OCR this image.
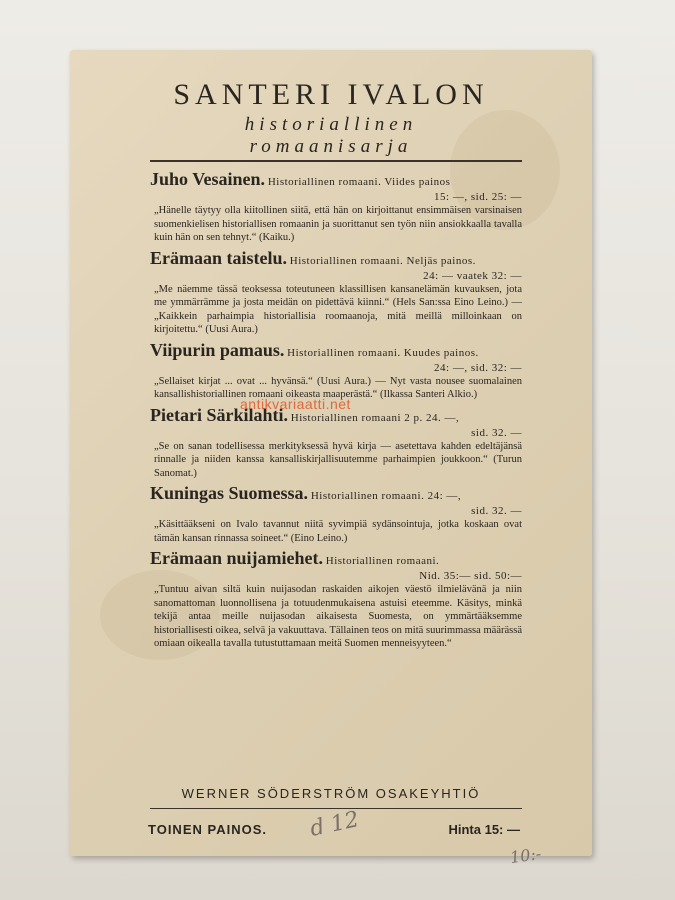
SANTERI IVALON
historiallinen
romaanisarja
Juho Vesainen. Historiallinen romaani. Viides painos
15: —, sid. 25: —
„Hänelle täytyy olla kiitollinen siitä, että hän on kirjoittanut ensimmäisen varsinaisen suomenkielisen historiallisen romaanin ja suorittanut sen työn niin ansiokkaalla tavalla kuin hän on sen tehnyt.“ (Kaiku.)
Erämaan taistelu. Historiallinen romaani. Neljäs painos.
24: — vaatek 32: —
„Me näemme tässä teoksessa toteutuneen klassillisen kansanelämän kuvauksen, jota me ymmärrämme ja josta meidän on pidettävä kiinni.“ (Hels San:ssa Eino Leino.) — „Kaikkein parhaimpia historiallisia roomaanoja, mitä meillä milloinkaan on kirjoitettu.“ (Uusi Aura.)
Viipurin pamaus. Historiallinen romaani. Kuudes painos.
24: —, sid. 32: —
„Sellaiset kirjat ... ovat ... hyvänsä.“ (Uusi Aura.) — Nyt vasta nousee suomalainen kansallishistoriallinen romaani oikeasta maaperästä.“ (Ilkassa Santeri Alkio.)
Pietari Särkilahti. Historiallinen romaani 2 p. 24. —,
sid. 32. —
„Se on sanan todellisessa merkityksessä hyvä kirja — asetettava kahden edeltäjänsä rinnalle ja niiden kanssa kansalliskirjallisuutemme parhaimpien joukkoon.“ (Turun Sanomat.)
Kuningas Suomessa. Historiallinen romaani. 24: —,
sid. 32. —
„Käsittääkseni on Ivalo tavannut niitä syvimpiä sydänsointuja, jotka koskaan ovat tämän kansan rinnassa soineet.“ (Eino Leino.)
Erämaan nuijamiehet. Historiallinen romaani.
Nid. 35:— sid. 50:—
„Tuntuu aivan siltä kuin nuijasodan raskaiden aikojen väestö ilmielävänä ja niin sanomattoman luonnollisena ja totuudenmukaisena astuisi eteemme. Käsitys, minkä tekijä antaa meille nuijasodan aikaisesta Suomesta, on ymmärtääksemme historiallisesti oikea, selvä ja vakuuttava. Tällainen teos on mitä suurimmassa määrässä omiaan oikealla tavalla tutustuttamaan meitä Suomen menneisyyteen.“
WERNER SÖDERSTRÖM OSAKEYHTIÖ
TOINEN PAINOS. d 12	Hinta 15: —
10:-
antikvariaatti.net
